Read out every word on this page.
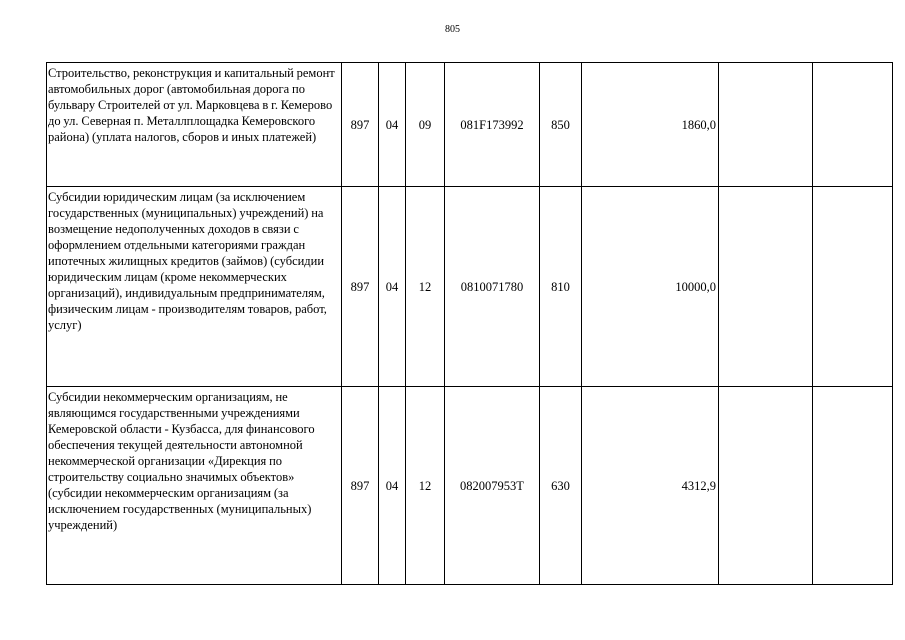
805
Строительство, реконструкция и капитальный ремонт автомобильных дорог (автомобильная дорога по бульвару Строителей от ул. Марковцева в г. Кемерово до ул. Северная п. Металлплощадка Кемеровского района) (уплата налогов, сборов и иных платежей)	897	04	09	081F173992	850	1860,0		
Субсидии юридическим лицам (за исключением государственных (муниципальных) учреждений) на возмещение недополученных доходов в связи с оформлением отдельными категориями граждан ипотечных жилищных кредитов (займов) (субсидии юридическим лицам (кроме некоммерческих организаций), индивидуальным предпринимателям, физическим лицам - производителям товаров, работ, услуг)	897	04	12	0810071780	810	10000,0		
Субсидии некоммерческим организациям, не являющимся государственными учреждениями Кемеровской области - Кузбасса, для финансового обеспечения текущей деятельности автономной некоммерческой организации «Дирекция по строительству социально значимых объектов» (субсидии некоммерческим организациям (за исключением государственных (муниципальных) учреждений)	897	04	12	082007953Т	630	4312,9		
